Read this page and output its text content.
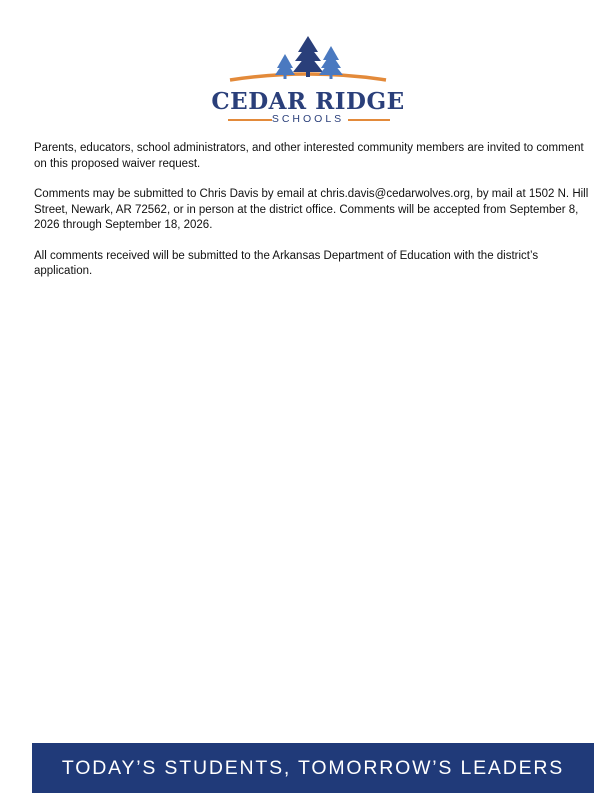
CEDAR RIDGE
SCHOOLS

Parents, educators, school administrators, and other interested community members are invited to comment on this proposed waiver request.

Comments may be submitted to Chris Davis by email at chris.davis@cedarwolves.org, by mail at 1502 N. Hill Street, Newark, AR 72562, or in person at the district office. Comments will be accepted from September 8, 2026 through September 18, 2026.

All comments received will be submitted to the Arkansas Department of Education with the district’s application.

TODAY’S STUDENTS, TOMORROW’S LEADERS
